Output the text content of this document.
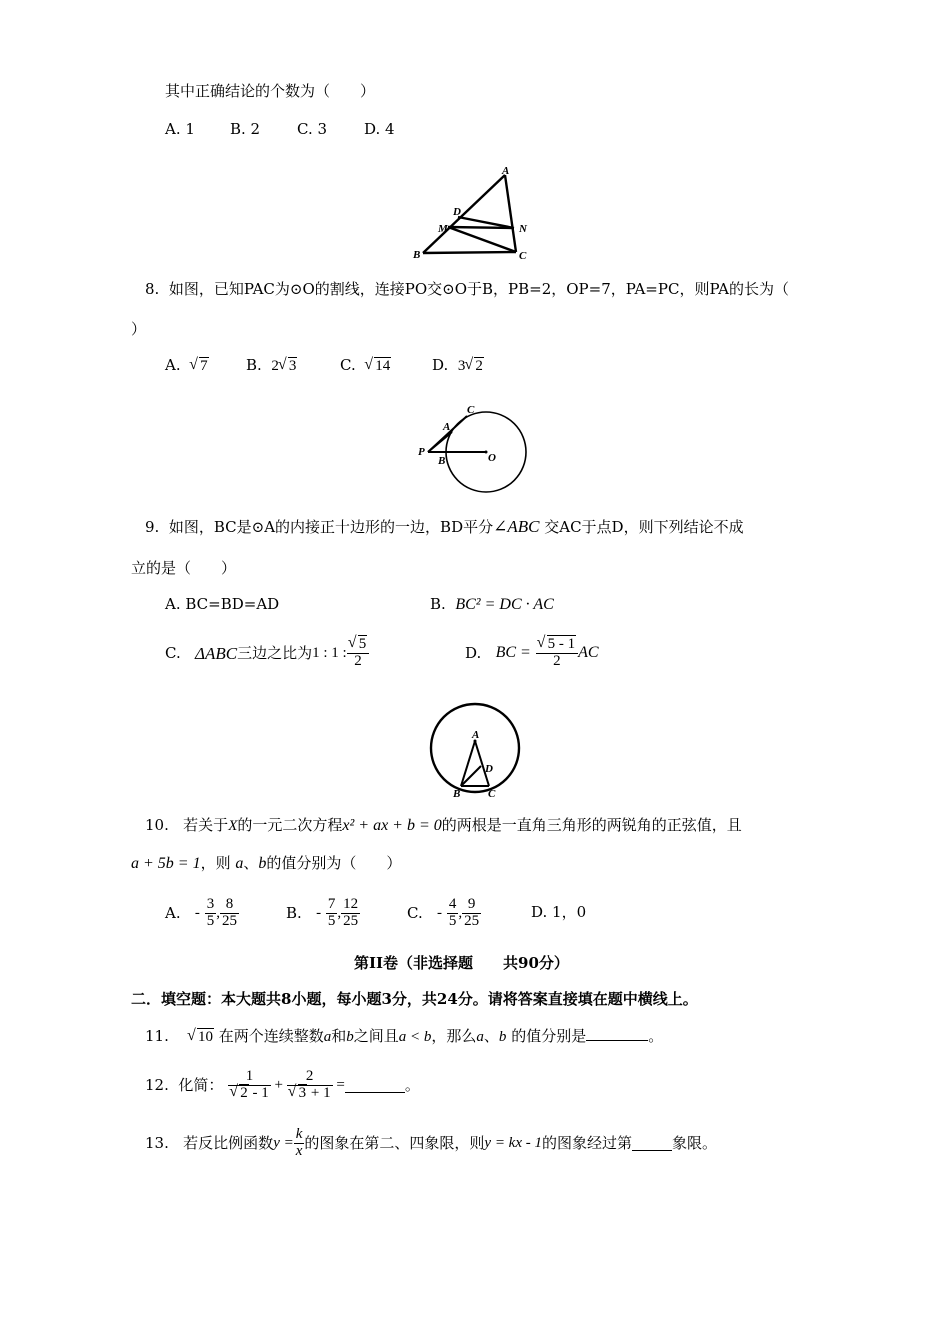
其中正确结论的个数为（　　）
A. 1 B. 2 C. 3 D. 4
A
D
M	N
B	C
8. 如图，已知PAC为⊙O的割线，连接PO交⊙O于B，PB=2，OP=7，PA=PC，则PA的长为（
）
A. √ 7	B. 2 √ 3	C. √ 14	D. 3 √ 2
C
A
P
B	O
9. 如图，BC是⊙A的内接正十边形的一边，BD平分∠ABC 交AC于点D，则下列结论不成
立的是（　　）
A. BC=BD=AD	B. BC² = DC · AC
C.
ΔABC 三边之比为 1 : 1 : √ $\frac{5}{2}$	D.
BC =
√ $\frac{5 - 1}{2}$ AC
A
D
B	C
10. 若关于X的一元二次方程x² + ax + b = 0的两根是一直角三角形的两锐角的正弦值，且
a + 5b = 1，则 a、b的值分别为（　　）
A.
-
$\frac{3}{5}$ , $\frac{8}{25}$	B.
-
$\frac{7}{5}$ , $\frac{12}{25}$	C.
-
$\frac{4}{5}$ , $\frac{9}{25}$	D. 1，0
第II卷（非选择题　　共90分）
二．填空题：本大题共8小题，每小题3分，共24分。请将答案直接填在题中横线上。
11. √ 10 在两个连续整数a和b之间且a < b，那么a、b 的值分别是	。
12.
化简：
1
√ 2 - 1 + 2
√ 3 + 1
=	。
13.
若反比例函数 $y = \frac{k}{x}$ 的图象在第二、四象限，则 y = kx - 1 的图象经过第	象限。
